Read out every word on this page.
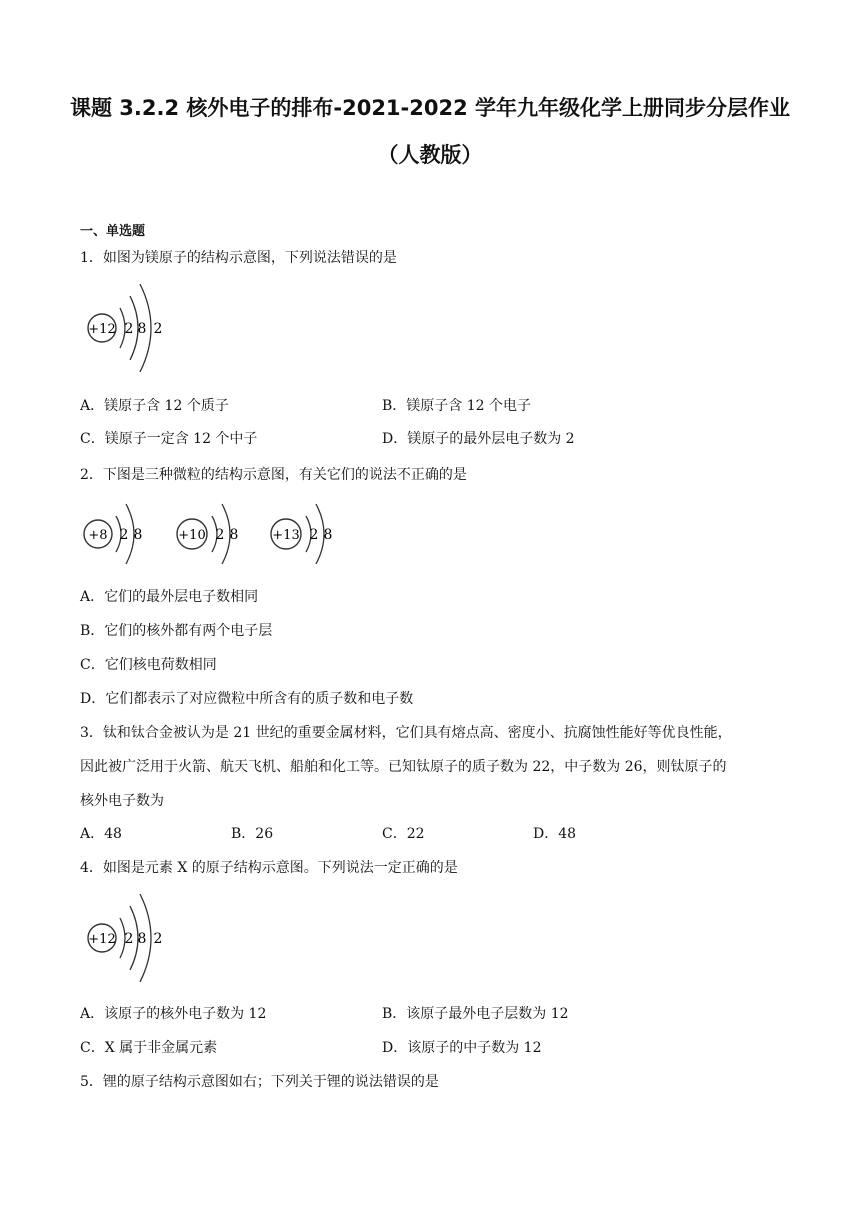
课题 3.2.2 核外电子的排布-2021-2022 学年九年级化学上册同步分层作业
（人教版）
一、单选题
1．如图为镁原子的结构示意图，下列说法错误的是
+12 2 8 2
A．镁原子含 12 个质子	B．镁原子含 12 个电子
C．镁原子一定含 12 个中子	D．镁原子的最外层电子数为 2
2．下图是三种微粒的结构示意图，有关它们的说法不正确的是
+8 2 8	+10 2 8	+13 2 8
A．它们的最外层电子数相同
B．它们的核外都有两个电子层
C．它们核电荷数相同
D．它们都表示了对应微粒中所含有的质子数和电子数
3．钛和钛合金被认为是 21 世纪的重要金属材料，它们具有熔点高、密度小、抗腐蚀性能好等优良性能，
因此被广泛用于火箭、航天飞机、船舶和化工等。已知钛原子的质子数为 22，中子数为 26，则钛原子的
核外电子数为
A．48	B．26	C．22	D．48
4．如图是元素 X 的原子结构示意图。下列说法一定正确的是
+12 2 8 2
A．该原子的核外电子数为 12	B．该原子最外电子层数为 12
C．X 属于非金属元素	D．该原子的中子数为 12
5．锂的原子结构示意图如右；下列关于锂的说法错误的是
